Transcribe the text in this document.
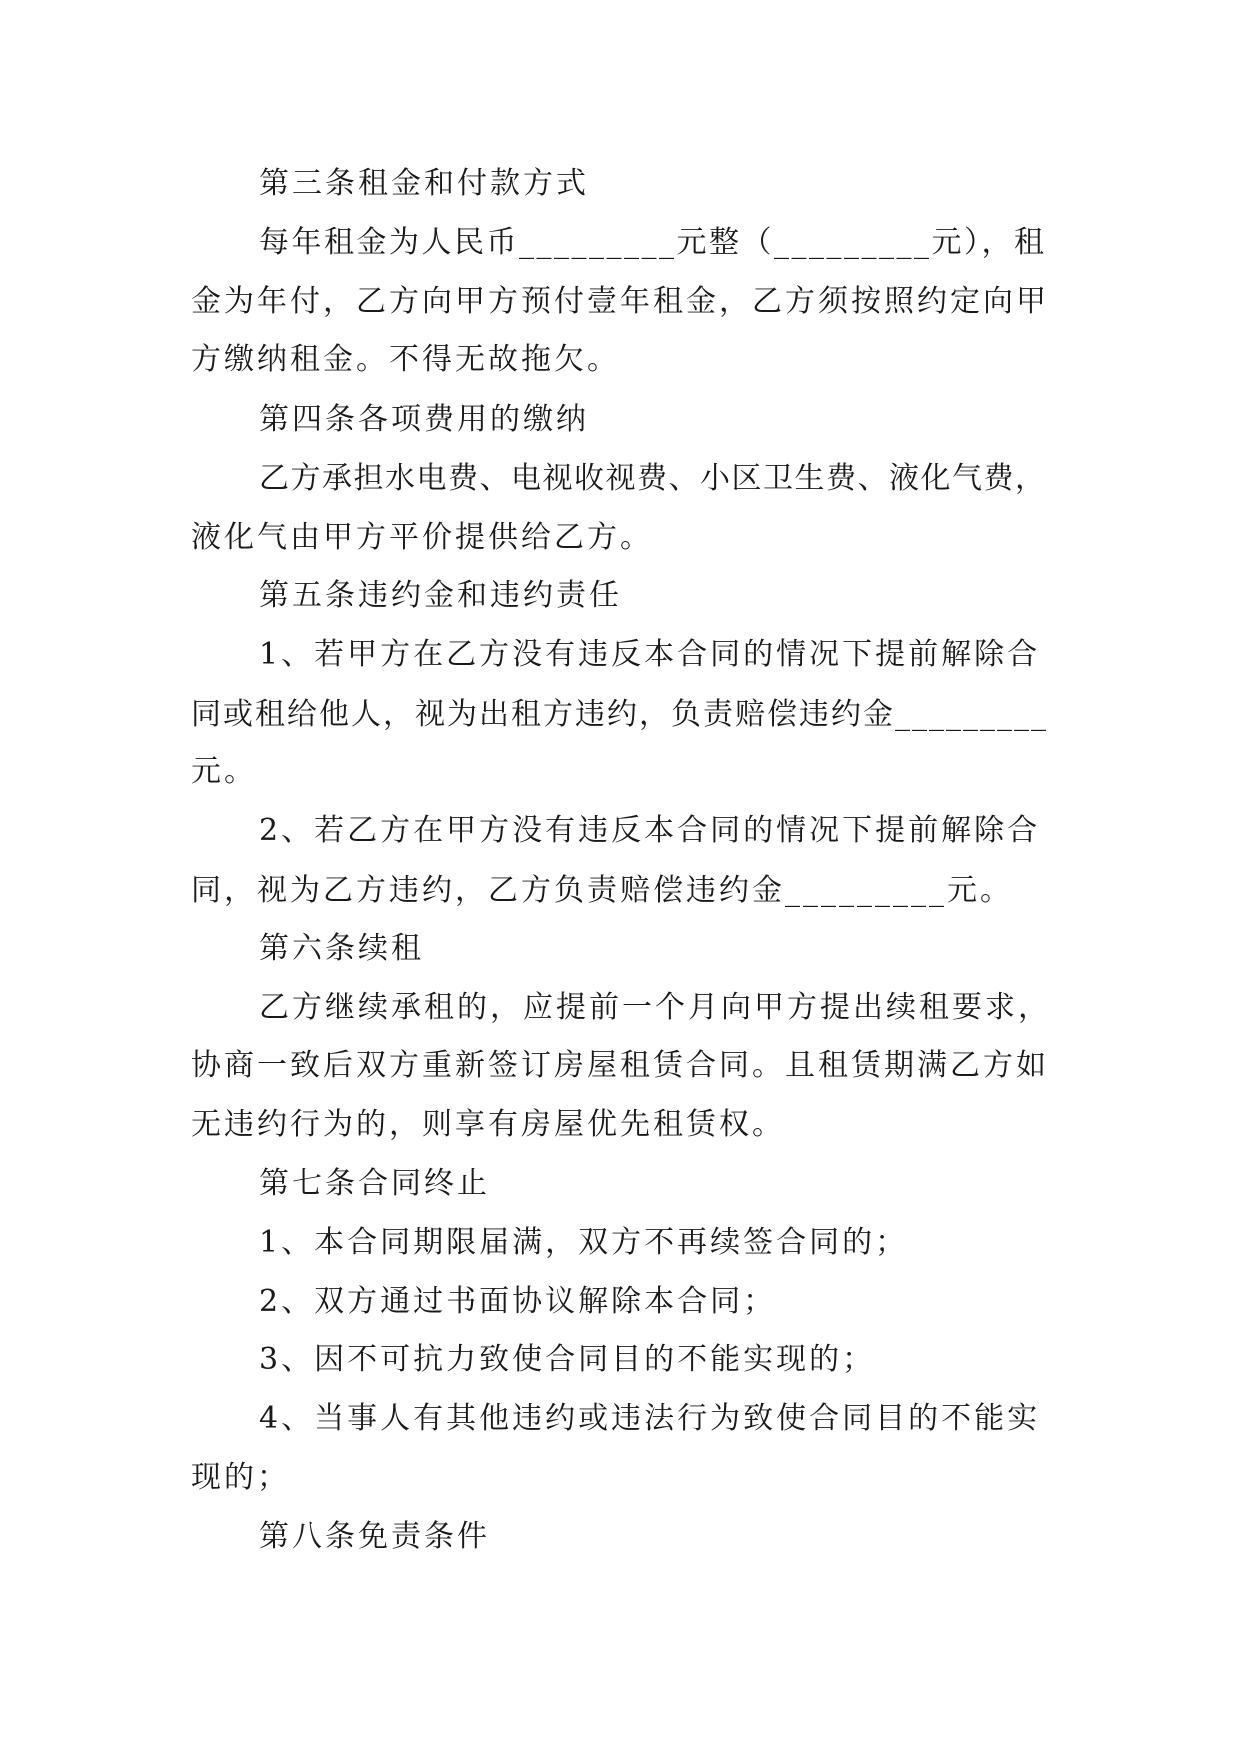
第三条租金和付款方式

每年租金为人民币_________元整（_________元），租

金为年付，乙方向甲方预付壹年租金，乙方须按照约定向甲

方缴纳租金。不得无故拖欠。

第四条各项费用的缴纳

乙方承担水电费、电视收视费、小区卫生费、液化气费，

液化气由甲方平价提供给乙方。

第五条违约金和违约责任

1、若甲方在乙方没有违反本合同的情况下提前解除合

同或租给他人，视为出租方违约，负责赔偿违约金_________

元。

2、若乙方在甲方没有违反本合同的情况下提前解除合

同，视为乙方违约，乙方负责赔偿违约金_________元。

第六条续租

乙方继续承租的，应提前一个月向甲方提出续租要求，

协商一致后双方重新签订房屋租赁合同。且租赁期满乙方如

无违约行为的，则享有房屋优先租赁权。

第七条合同终止

1、本合同期限届满，双方不再续签合同的；

2、双方通过书面协议解除本合同；

3、因不可抗力致使合同目的不能实现的；

4、当事人有其他违约或违法行为致使合同目的不能实

现的；

第八条免责条件
